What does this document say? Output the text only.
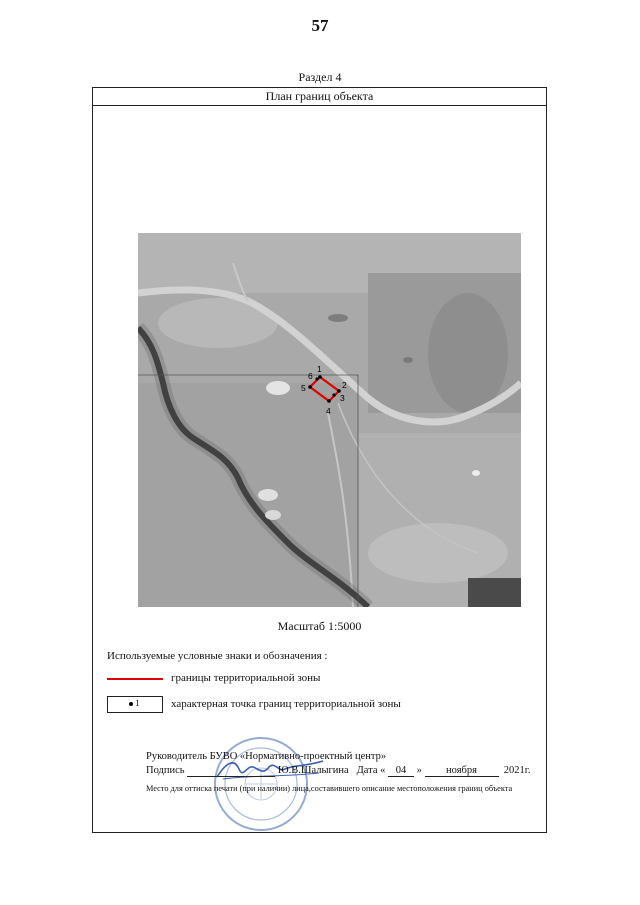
57
Раздел 4
План границ объекта
1
2
3
4
5
6
Масштаб 1:5000
Используемые условные знаки и обозначения :
границы территориальной зоны
1	характерная точка границ территориальной зоны
Руководитель БУВО «Нормативно-проектный центр»
Подпись	Ю.В.Шалыгина Дата « 04 » ноября	2021г.
Место для оттиска печати (при наличии) лица,составившего описание местоположения границ объекта
